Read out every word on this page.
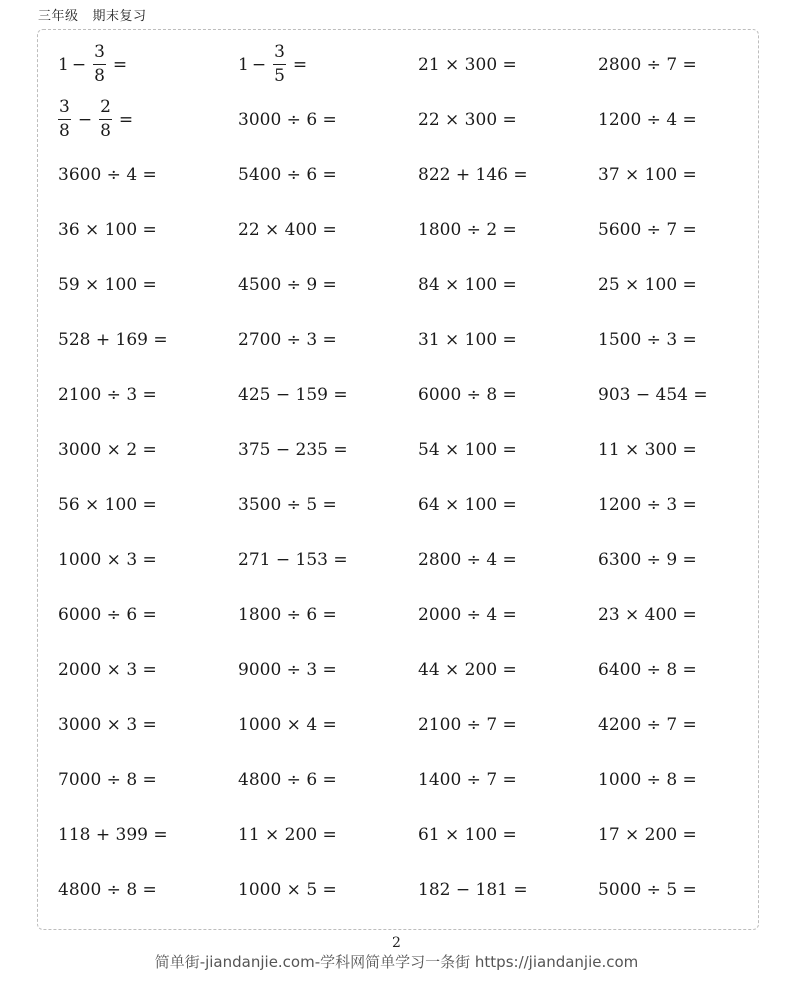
三年级 期末复习
$1 - \frac{3}{8}$ =	$1 - \frac{3}{5}$ =	21 × 300 =	2800 ÷ 7 =
$\frac{3}{8} - \frac{2}{8}$ =	3000 ÷ 6 =	22 × 300 =	1200 ÷ 4 =
3600 ÷ 4 =	5400 ÷ 6 =	822 + 146 =	37 × 100 =
36 × 100 =	22 × 400 =	1800 ÷ 2 =	5600 ÷ 7 =
59 × 100 =	4500 ÷ 9 =	84 × 100 =	25 × 100 =
528 + 169 =	2700 ÷ 3 =	31 × 100 =	1500 ÷ 3 =
2100 ÷ 3 =	425 − 159 =	6000 ÷ 8 =	903 − 454 =
3000 × 2 =	375 − 235 =	54 × 100 =	11 × 300 =
56 × 100 =	3500 ÷ 5 =	64 × 100 =	1200 ÷ 3 =
1000 × 3 =	271 − 153 =	2800 ÷ 4 =	6300 ÷ 9 =
6000 ÷ 6 =	1800 ÷ 6 =	2000 ÷ 4 =	23 × 400 =
2000 × 3 =	9000 ÷ 3 =	44 × 200 =	6400 ÷ 8 =
3000 × 3 =	1000 × 4 =	2100 ÷ 7 =	4200 ÷ 7 =
7000 ÷ 8 =	4800 ÷ 6 =	1400 ÷ 7 =	1000 ÷ 8 =
118 + 399 =	11 × 200 =	61 × 100 =	17 × 200 =
4800 ÷ 8 =	1000 × 5 =	182 − 181 =	5000 ÷ 5 =
2
简单街-jiandanjie.com-学科网简单学习一条街 https://jiandanjie.com
